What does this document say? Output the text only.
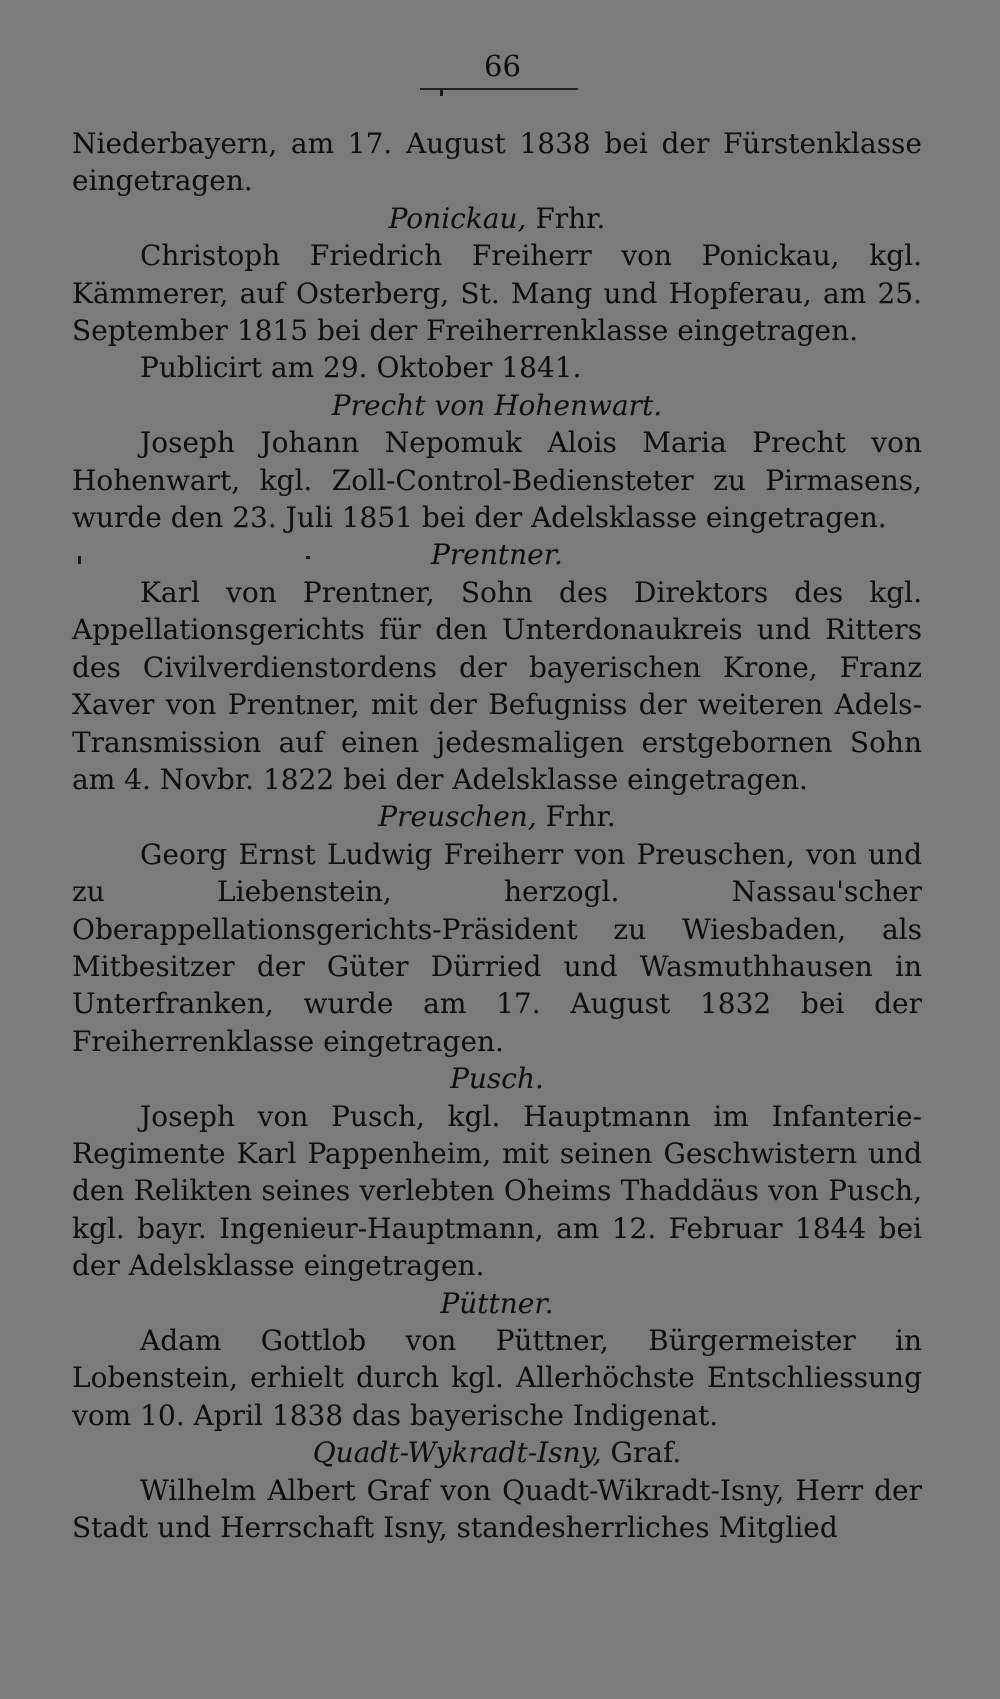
66

Niederbayern, am 17. August 1838 bei der Fürstenklasse eingetragen.

Ponickau, Frhr.

Christoph Friedrich Freiherr von Ponickau, kgl. Kämmerer, auf Osterberg, St. Mang und Hopferau, am 25. September 1815 bei der Freiherrenklasse eingetragen.

Publicirt am 29. Oktober 1841.

Precht von Hohenwart.

Joseph Johann Nepomuk Alois Maria Precht von Hohenwart, kgl. Zoll-Control-Bediensteter zu Pirmasens, wurde den 23. Juli 1851 bei der Adelsklasse eingetragen.

Prentner.

Karl von Prentner, Sohn des Direktors des kgl. Appellationsgerichts für den Unterdonaukreis und Ritters des Civilverdienstordens der bayerischen Krone, Franz Xaver von Prentner, mit der Befugniss der weiteren Adels-Transmission auf einen jedesmaligen erstgebornen Sohn am 4. Novbr. 1822 bei der Adelsklasse eingetragen.

Preuschen, Frhr.

Georg Ernst Ludwig Freiherr von Preuschen, von und zu Liebenstein, herzogl. Nassau'scher Oberappellationsgerichts-Präsident zu Wiesbaden, als Mitbesitzer der Güter Dürried und Wasmuthhausen in Unterfranken, wurde am 17. August 1832 bei der Freiherrenklasse eingetragen.

Pusch.

Joseph von Pusch, kgl. Hauptmann im Infanterie-Regimente Karl Pappenheim, mit seinen Geschwistern und den Relikten seines verlebten Oheims Thaddäus von Pusch, kgl. bayr. Ingenieur-Hauptmann, am 12. Februar 1844 bei der Adelsklasse eingetragen.

Püttner.

Adam Gottlob von Püttner, Bürgermeister in Lobenstein, erhielt durch kgl. Allerhöchste Entschliessung vom 10. April 1838 das bayerische Indigenat.

Quadt-Wykradt-Isny, Graf.

Wilhelm Albert Graf von Quadt-Wikradt-Isny, Herr der Stadt und Herrschaft Isny, standesherrliches Mitglied
